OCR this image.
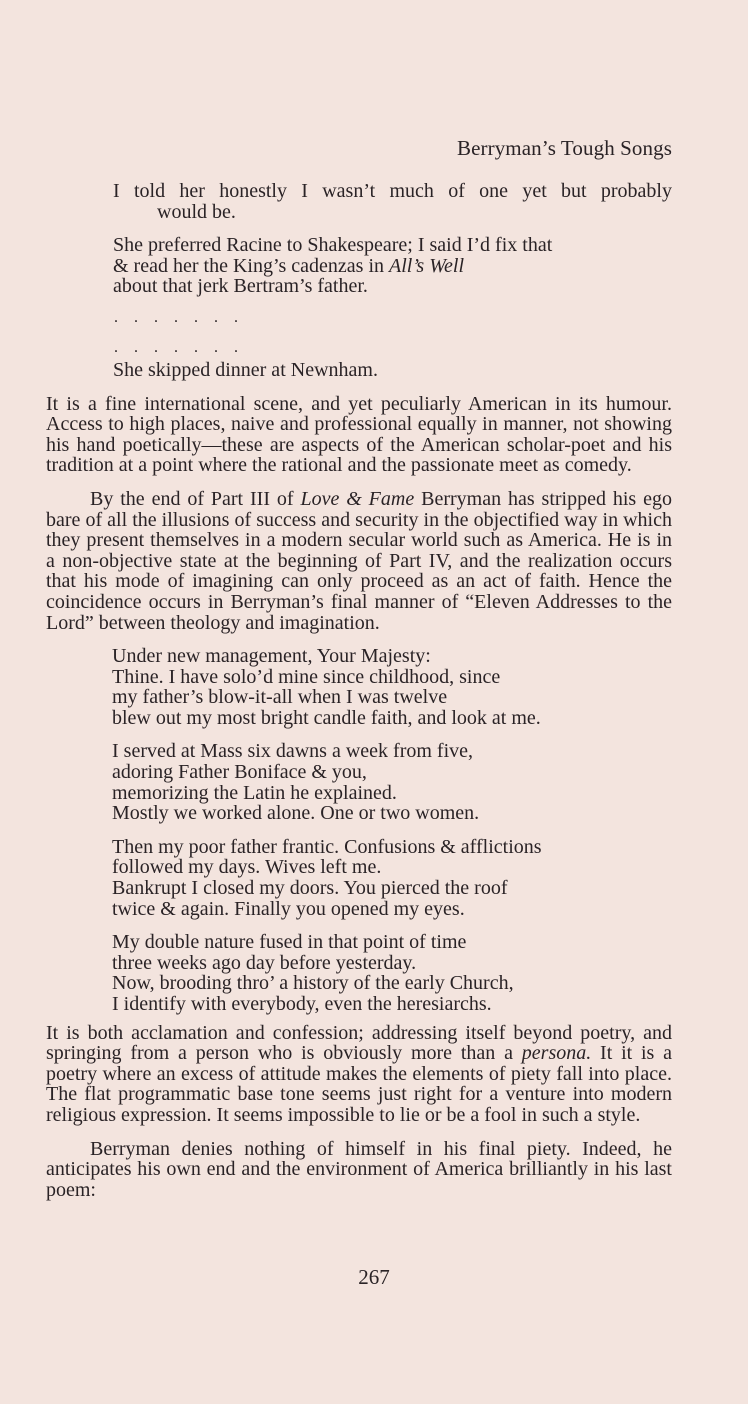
Berryman’s Tough Songs
I told her honestly I wasn’t much of one yet but probably
would be.
She preferred Racine to Shakespeare; I said I’d fix that
& read her the King’s cadenzas in All’s Well
about that jerk Bertram’s father.
. . . . . . .
. . . . . . .
She skipped dinner at Newnham.

It is a fine international scene, and yet peculiarly American in its humour. Access to high places, naive and professional equally in manner, not showing his hand poetically—these are aspects of the American scholar-poet and his tradition at a point where the rational and the passionate meet as comedy.

By the end of Part III of Love & Fame Berryman has stripped his ego bare of all the illusions of success and security in the objectified way in which they present themselves in a modern secular world such as America. He is in a non-objective state at the beginning of Part IV, and the realization occurs that his mode of imagining can only proceed as an act of faith. Hence the coincidence occurs in Berryman’s final manner of “Eleven Addresses to the Lord” between theology and imagination.

Under new management, Your Majesty:
Thine. I have solo’d mine since childhood, since
my father’s blow-it-all when I was twelve
blew out my most bright candle faith, and look at me.
I served at Mass six dawns a week from five,
adoring Father Boniface & you,
memorizing the Latin he explained.
Mostly we worked alone. One or two women.
Then my poor father frantic. Confusions & afflictions
followed my days. Wives left me.
Bankrupt I closed my doors. You pierced the roof
twice & again. Finally you opened my eyes.
My double nature fused in that point of time
three weeks ago day before yesterday.
Now, brooding thro’ a history of the early Church,
I identify with everybody, even the heresiarchs.

It is both acclamation and confession; addressing itself beyond poetry, and springing from a person who is obviously more than a persona. It it is a poetry where an excess of attitude makes the elements of piety fall into place. The flat programmatic base tone seems just right for a venture into modern religious expression. It seems impossible to lie or be a fool in such a style.

Berryman denies nothing of himself in his final piety. Indeed, he anticipates his own end and the environment of America brilliantly in his last poem:

267
